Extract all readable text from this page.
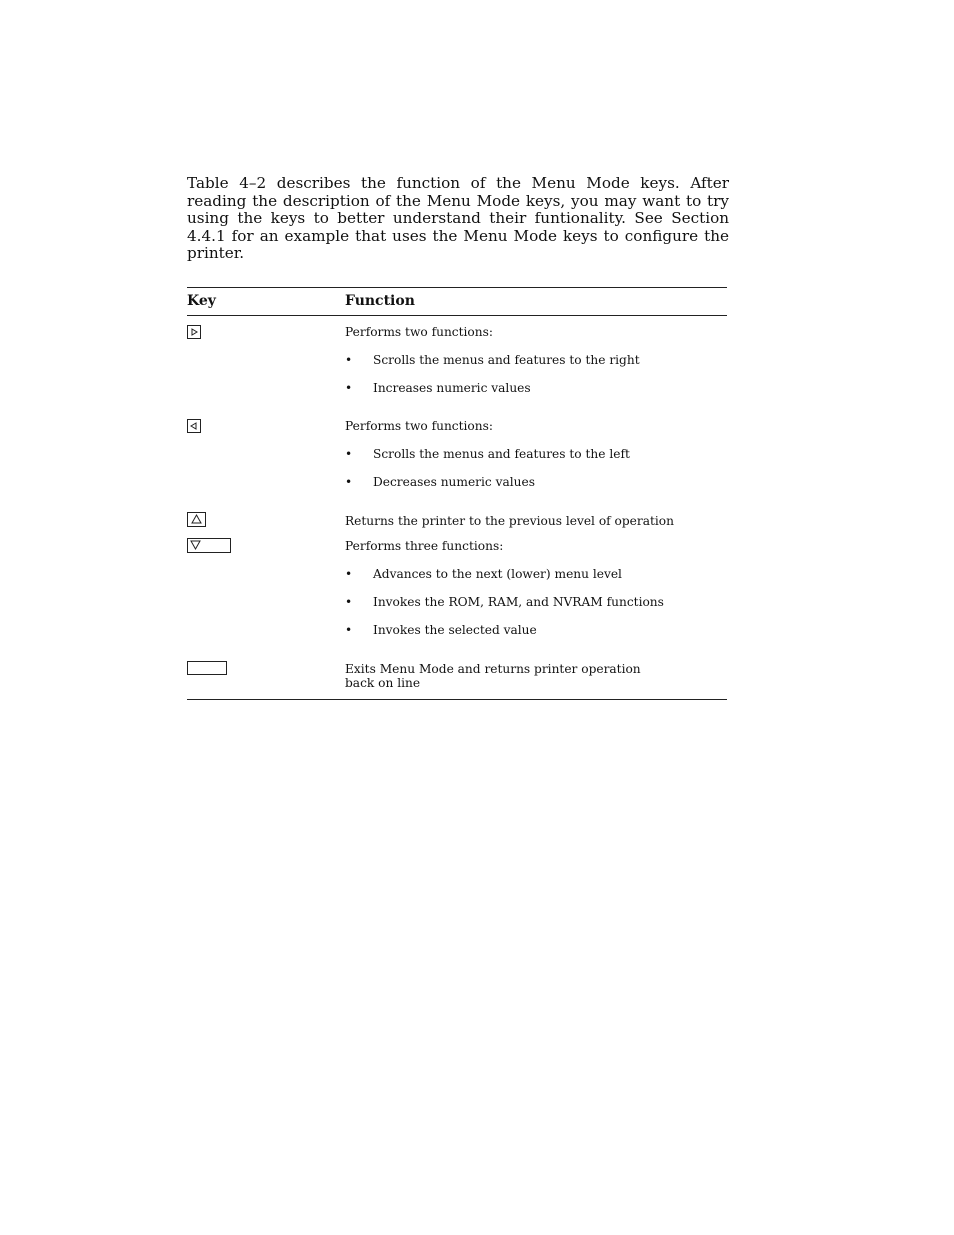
Table 4–2 describes the function of the Menu Mode keys. After reading the description of the Menu Mode keys, you may want to try using the keys to better understand their funtionality. See Section 4.4.1 for an example that uses the Menu Mode keys to configure the printer.

Key	Function
Performs two functions:
• Scrolls the menus and features to the right
• Increases numeric values
Performs two functions:
• Scrolls the menus and features to the left
• Decreases numeric values
Returns the printer to the previous level of operation
Performs three functions:
• Advances to the next (lower) menu level
• Invokes the ROM, RAM, and NVRAM functions
• Invokes the selected value
Exits Menu Mode and returns printer operation
back on line
